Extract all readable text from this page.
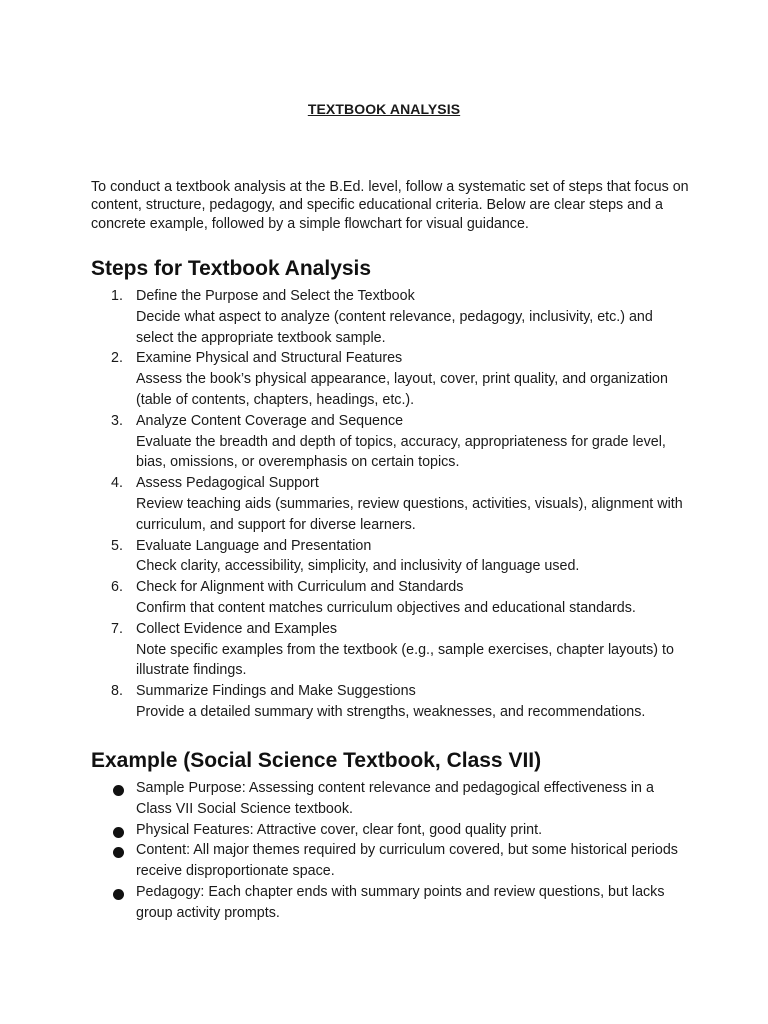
TEXTBOOK ANALYSIS

To conduct a textbook analysis at the B.Ed. level, follow a systematic set of steps that focus on content, structure, pedagogy, and specific educational criteria. Below are clear steps and a concrete example, followed by a simple flowchart for visual guidance.

Steps for Textbook Analysis
1. Define the Purpose and Select the Textbook
Decide what aspect to analyze (content relevance, pedagogy, inclusivity, etc.) and select the appropriate textbook sample.
2. Examine Physical and Structural Features
Assess the book’s physical appearance, layout, cover, print quality, and organization (table of contents, chapters, headings, etc.).
3. Analyze Content Coverage and Sequence
Evaluate the breadth and depth of topics, accuracy, appropriateness for grade level, bias, omissions, or overemphasis on certain topics.
4. Assess Pedagogical Support
Review teaching aids (summaries, review questions, activities, visuals), alignment with curriculum, and support for diverse learners.
5. Evaluate Language and Presentation
Check clarity, accessibility, simplicity, and inclusivity of language used.
6. Check for Alignment with Curriculum and Standards
Confirm that content matches curriculum objectives and educational standards.
7. Collect Evidence and Examples
Note specific examples from the textbook (e.g., sample exercises, chapter layouts) to illustrate findings.
8. Summarize Findings and Make Suggestions
Provide a detailed summary with strengths, weaknesses, and recommendations.
Example (Social Science Textbook, Class VII)
Sample Purpose: Assessing content relevance and pedagogical effectiveness in a Class VII Social Science textbook.
Physical Features: Attractive cover, clear font, good quality print.
Content: All major themes required by curriculum covered, but some historical periods receive disproportionate space.
Pedagogy: Each chapter ends with summary points and review questions, but lacks group activity prompts.
